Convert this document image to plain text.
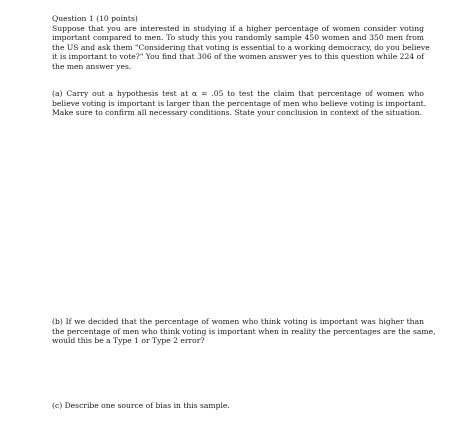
Question 1 (10 points)
Suppose that you are interested in studying if a higher percentage of women consider voting
important compared to men. To study this you randomly sample 450 women and 350 men from
the US and ask them "Considering that voting is essential to a working democracy, do you believe
it is important to vote?" You find that 306 of the women answer yes to this question while 224 of
the men answer yes.
(a) Carry out a hypothesis test at α = .05 to test the claim that percentage of women who
believe voting is important is larger than the percentage of men who believe voting is important.
Make sure to confirm all necessary conditions. State your conclusion in context of the situation.
(b) If we decided that the percentage of women who think voting is important was higher than
the percentage of men who think voting is important when in reality the percentages are the same,
would this be a Type 1 or Type 2 error?
(c) Describe one source of bias in this sample.
